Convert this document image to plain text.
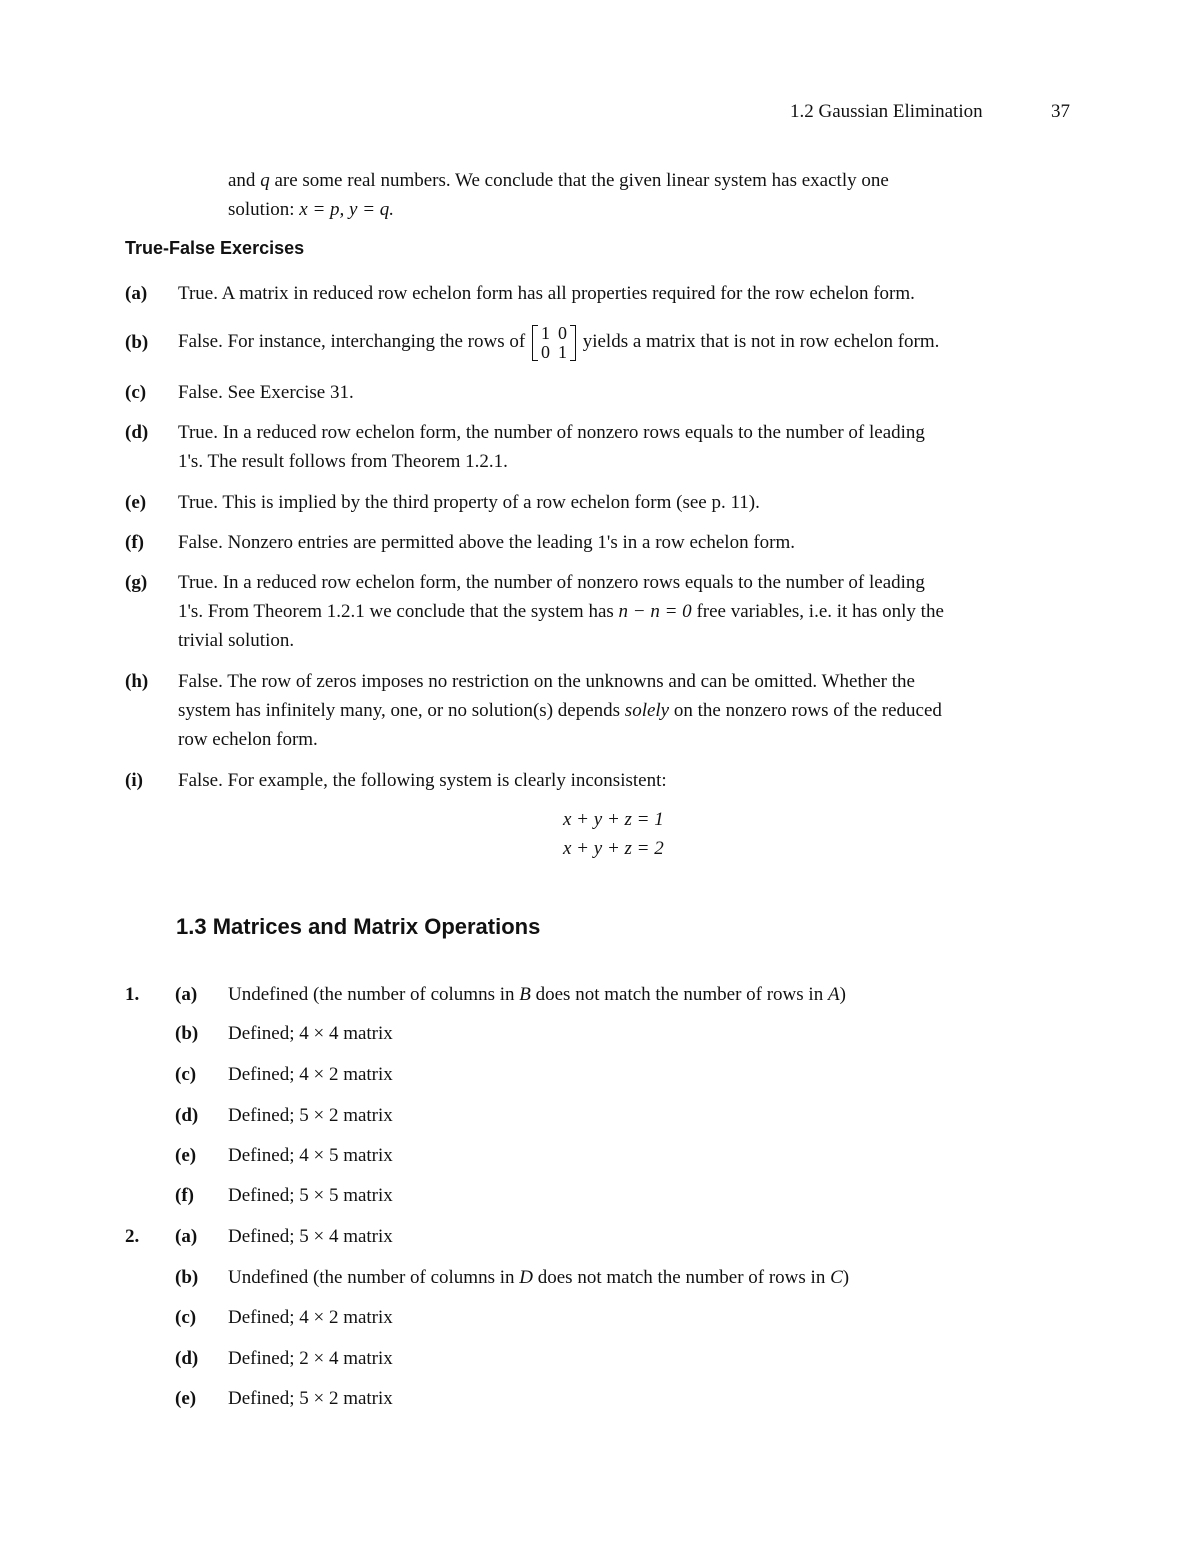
1.2 Gaussian Elimination	37
and q are some real numbers. We conclude that the given linear system has exactly one
solution: x = p, y = q.
True-False Exercises
(a) True. A matrix in reduced row echelon form has all properties required for the row echelon form.
(b) False. For instance, interchanging the rows of 1	0
0	1 yields a matrix that is not in row echelon form.
(c) False. See Exercise 31.
(d) True. In a reduced row echelon form, the number of nonzero rows equals to the number of leading
1's. The result follows from Theorem 1.2.1.
(e) True. This is implied by the third property of a row echelon form (see p. 11).
(f) False. Nonzero entries are permitted above the leading 1's in a row echelon form.
(g) True. In a reduced row echelon form, the number of nonzero rows equals to the number of leading
1's. From Theorem 1.2.1 we conclude that the system has n − n = 0 free variables, i.e. it has only the
trivial solution.
(h) False. The row of zeros imposes no restriction on the unknowns and can be omitted. Whether the
system has infinitely many, one, or no solution(s) depends solely on the nonzero rows of the reduced
row echelon form.
(i) False. For example, the following system is clearly inconsistent:
x + y + z = 1
x + y + z = 2
1.3 Matrices and Matrix Operations
1. (a) Undefined (the number of columns in B does not match the number of rows in A)
(b) Defined; 4 × 4 matrix
(c) Defined; 4 × 2 matrix
(d) Defined; 5 × 2 matrix
(e) Defined; 4 × 5 matrix
(f) Defined; 5 × 5 matrix
2. (a) Defined; 5 × 4 matrix
(b) Undefined (the number of columns in D does not match the number of rows in C)
(c) Defined; 4 × 2 matrix
(d) Defined; 2 × 4 matrix
(e) Defined; 5 × 2 matrix
